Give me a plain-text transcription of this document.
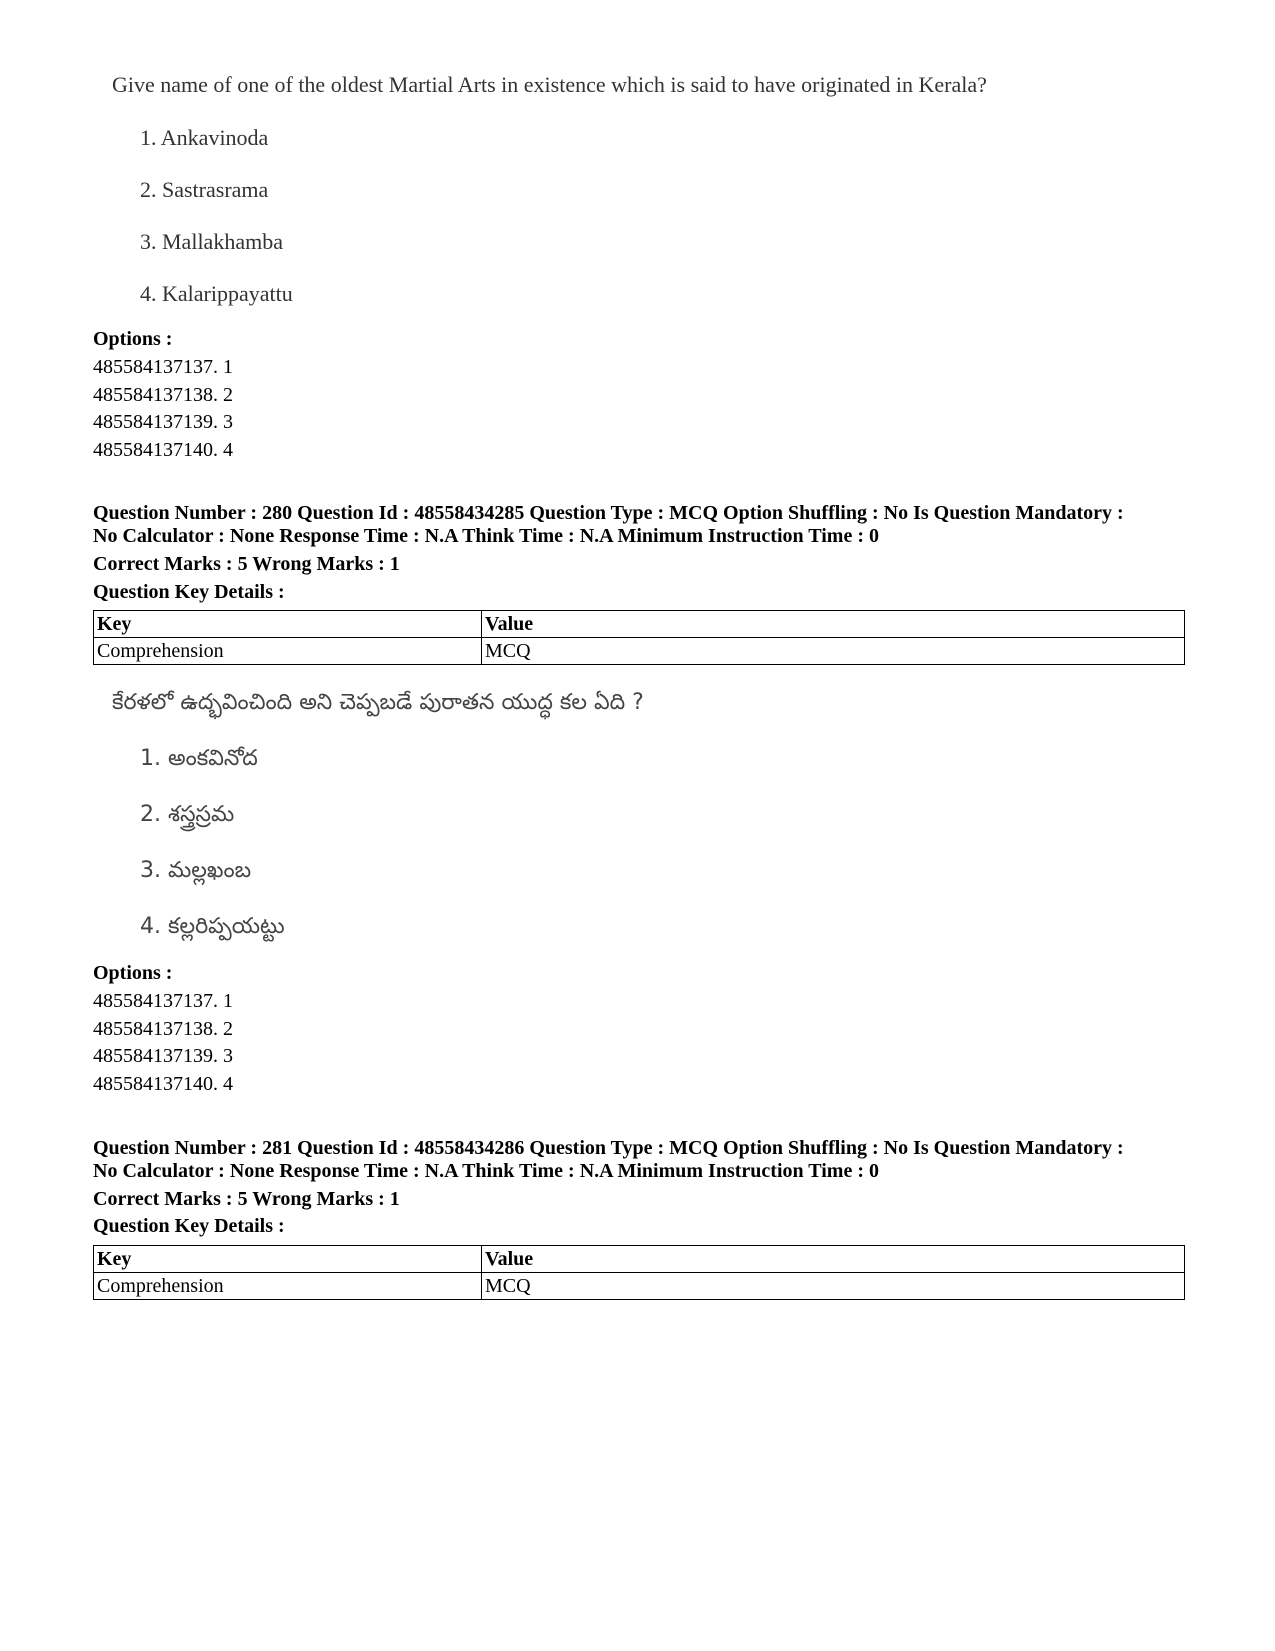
Give name of one of the oldest Martial Arts in existence which is said to have originated in Kerala?
1. Ankavinoda
2. Sastrasrama
3. Mallakhamba
4. Kalarippayattu
Options :
485584137137. 1
485584137138. 2
485584137139. 3
485584137140. 4
Question Number : 280 Question Id : 48558434285 Question Type : MCQ Option Shuffling : No Is Question Mandatory :
No Calculator : None Response Time : N.A Think Time : N.A Minimum Instruction Time : 0
Correct Marks : 5 Wrong Marks : 1
Question Key Details :
Key	Value
Comprehension	MCQ
కేరళలో ఉద్భవించింది అని చెప్పబడే పురాతన యుద్ధ కల ఏది ?
1. అంకవినోద
2. శస్త్రస్రమ
3. మల్లఖంబ
4. కల్లరిప్పయట్టు
Options :
485584137137. 1
485584137138. 2
485584137139. 3
485584137140. 4
Question Number : 281 Question Id : 48558434286 Question Type : MCQ Option Shuffling : No Is Question Mandatory :
No Calculator : None Response Time : N.A Think Time : N.A Minimum Instruction Time : 0
Correct Marks : 5 Wrong Marks : 1
Question Key Details :
Key	Value
Comprehension	MCQ
